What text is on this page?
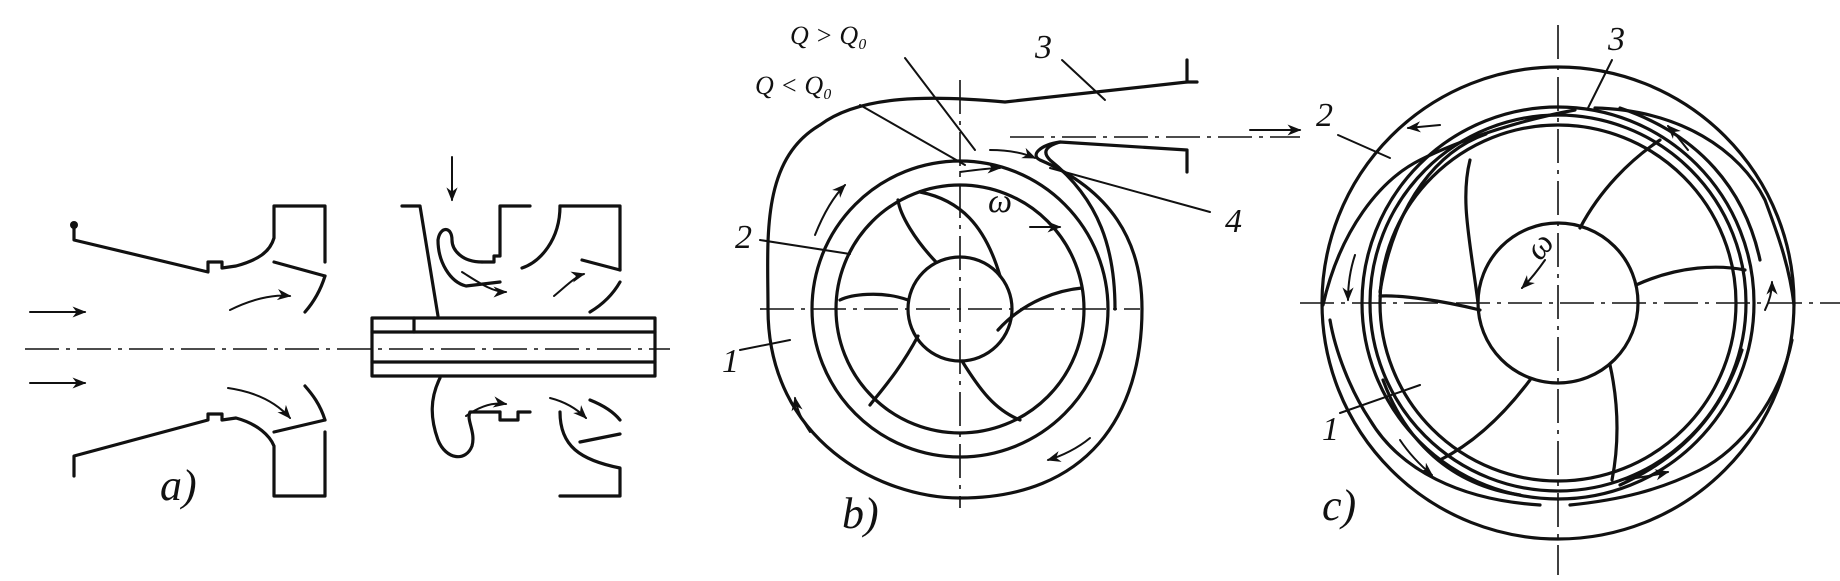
a)
Q > Q₀
Q < Q₀
3
4
2
1
ω
b)
3
2
1
ω
c)
